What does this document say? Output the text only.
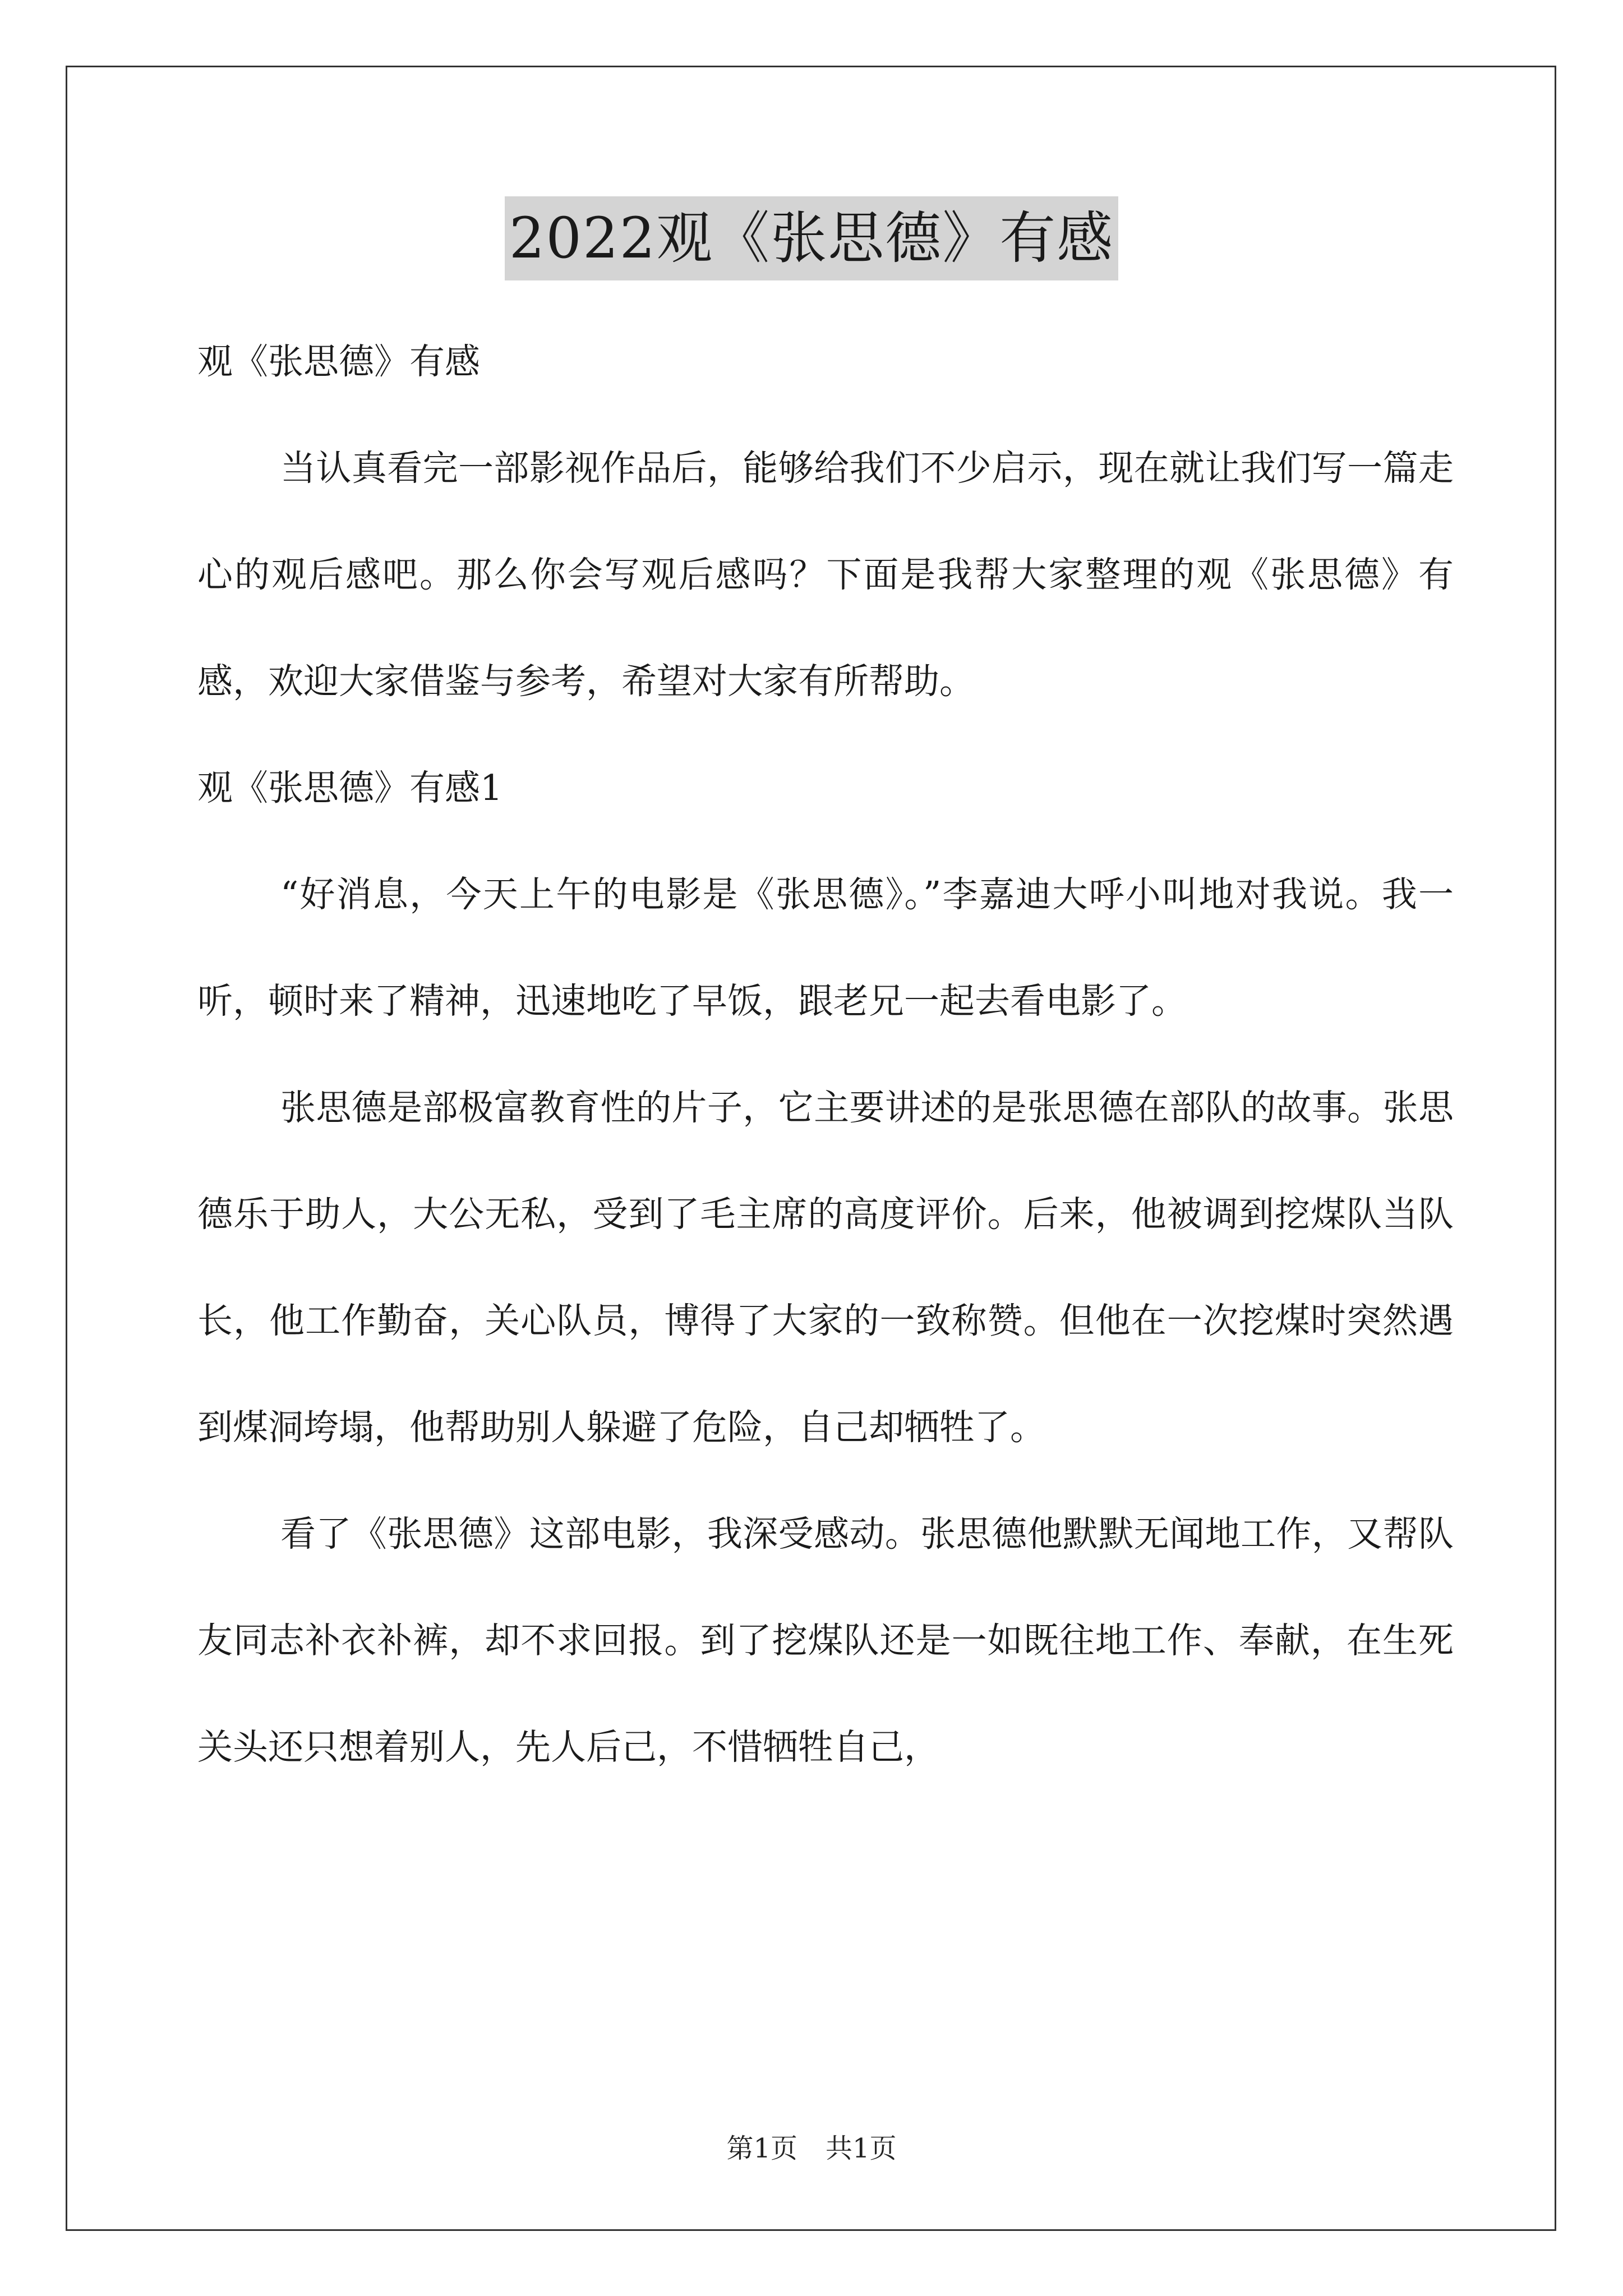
2022观《张思德》有感

观《张思德》有感

当认真看完一部影视作品后，能够给我们不少启示，现在就让我们写一篇走心的观后感吧。那么你会写观后感吗？下面是我帮大家整理的观《张思德》有感，欢迎大家借鉴与参考，希望对大家有所帮助。

观《张思德》有感1

“好消息，今天上午的电影是《张思德》。”李嘉迪大呼小叫地对我说。我一听，顿时来了精神，迅速地吃了早饭，跟老兄一起去看电影了。

张思德是部极富教育性的片子，它主要讲述的是张思德在部队的故事。张思德乐于助人，大公无私，受到了毛主席的高度评价。后来，他被调到挖煤队当队长，他工作勤奋，关心队员，博得了大家的一致称赞。但他在一次挖煤时突然遇到煤洞垮塌，他帮助别人躲避了危险，自己却牺牲了。

看了《张思德》这部电影，我深受感动。张思德他默默无闻地工作，又帮队友同志补衣补裤，却不求回报。到了挖煤队还是一如既往地工作、奉献，在生死关头还只想着别人，先人后己，不惜牺牲自己，

第1页 共1页
